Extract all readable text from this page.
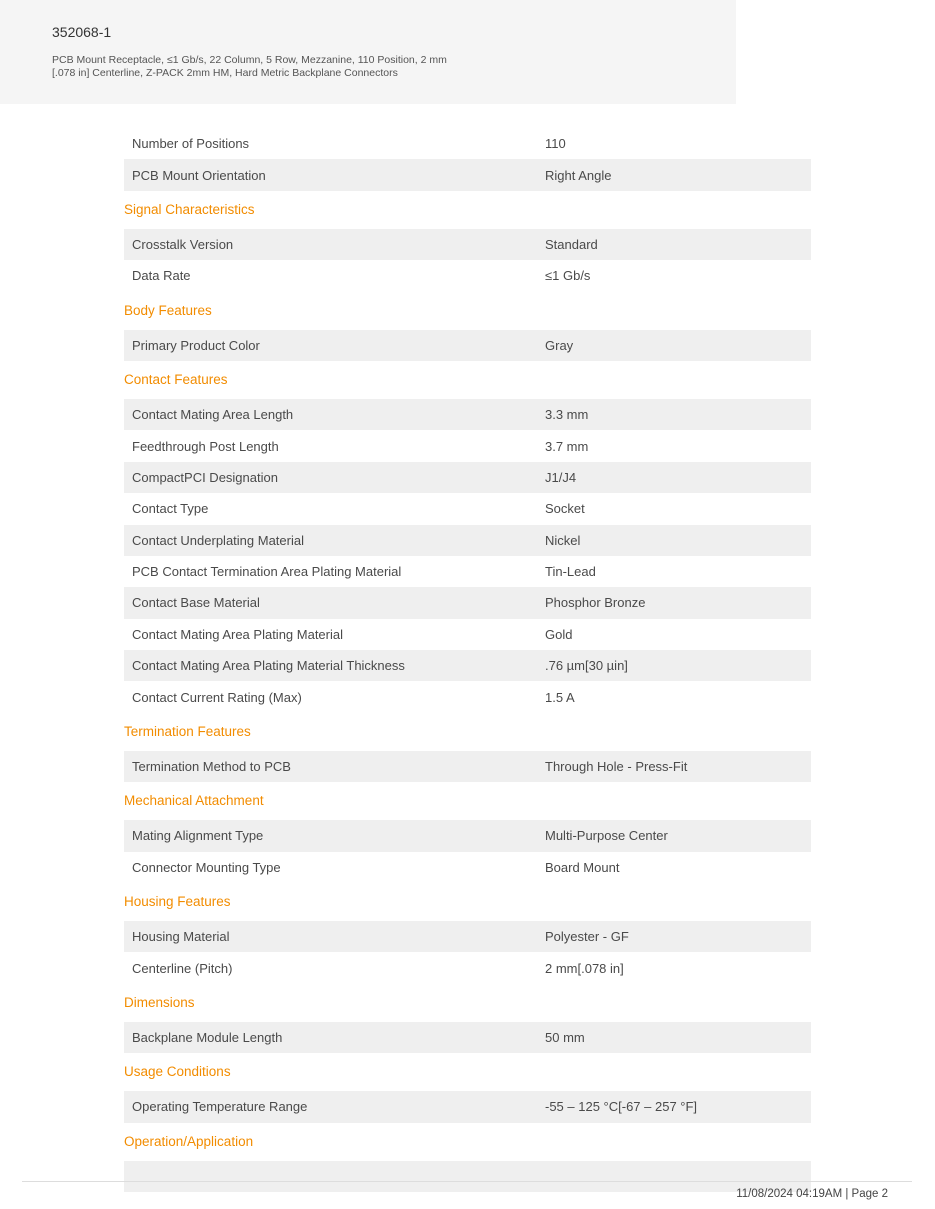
352068-1
PCB Mount Receptacle, ≤1 Gb/s, 22 Column, 5 Row, Mezzanine, 110 Position, 2 mm [.078 in] Centerline, Z-PACK 2mm HM, Hard Metric Backplane Connectors
Number of Positions	110
PCB Mount Orientation	Right Angle
Signal Characteristics
Crosstalk Version	Standard
Data Rate	≤1 Gb/s
Body Features
Primary Product Color	Gray
Contact Features
Contact Mating Area Length	3.3 mm
Feedthrough Post Length	3.7 mm
CompactPCI Designation	J1/J4
Contact Type	Socket
Contact Underplating Material	Nickel
PCB Contact Termination Area Plating Material	Tin-Lead
Contact Base Material	Phosphor Bronze
Contact Mating Area Plating Material	Gold
Contact Mating Area Plating Material Thickness	.76 µm[30 µin]
Contact Current Rating (Max)	1.5 A
Termination Features
Termination Method to PCB	Through Hole - Press-Fit
Mechanical Attachment
Mating Alignment Type	Multi-Purpose Center
Connector Mounting Type	Board Mount
Housing Features
Housing Material	Polyester - GF
Centerline (Pitch)	2 mm[.078 in]
Dimensions
Backplane Module Length	50 mm
Usage Conditions
Operating Temperature Range	-55 – 125 °C[-67 – 257 °F]
Operation/Application
11/08/2024 04:19AM | Page 2
